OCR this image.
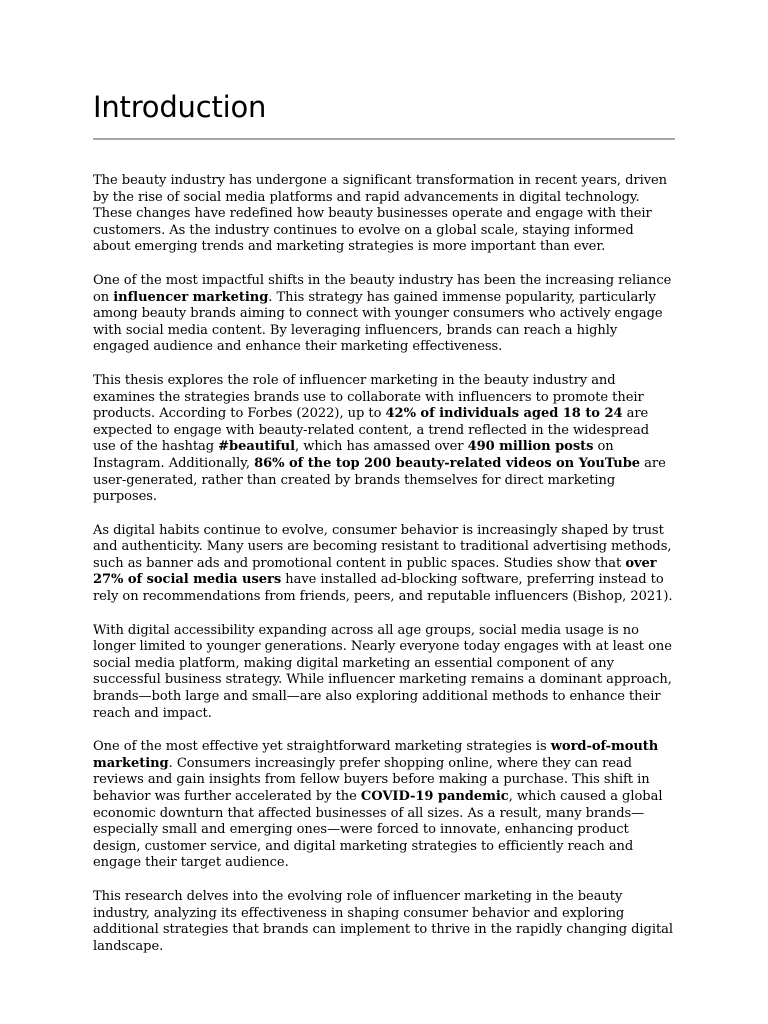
Introduction

The beauty industry has undergone a significant transformation in recent years, driven by the rise of social media platforms and rapid advancements in digital technology. These changes have redefined how beauty businesses operate and engage with their customers. As the industry continues to evolve on a global scale, staying informed about emerging trends and marketing strategies is more important than ever.

One of the most impactful shifts in the beauty industry has been the increasing reliance on influencer marketing. This strategy has gained immense popularity, particularly among beauty brands aiming to connect with younger consumers who actively engage with social media content. By leveraging influencers, brands can reach a highly engaged audience and enhance their marketing effectiveness.

This thesis explores the role of influencer marketing in the beauty industry and examines the strategies brands use to collaborate with influencers to promote their products. According to Forbes (2022), up to 42% of individuals aged 18 to 24 are expected to engage with beauty-related content, a trend reflected in the widespread use of the hashtag #beautiful, which has amassed over 490 million posts on Instagram. Additionally, 86% of the top 200 beauty-related videos on YouTube are user-generated, rather than created by brands themselves for direct marketing purposes.

As digital habits continue to evolve, consumer behavior is increasingly shaped by trust and authenticity. Many users are becoming resistant to traditional advertising methods, such as banner ads and promotional content in public spaces. Studies show that over 27% of social media users have installed ad-blocking software, preferring instead to rely on recommendations from friends, peers, and reputable influencers (Bishop, 2021).

With digital accessibility expanding across all age groups, social media usage is no longer limited to younger generations. Nearly everyone today engages with at least one social media platform, making digital marketing an essential component of any successful business strategy. While influencer marketing remains a dominant approach, brands—both large and small—are also exploring additional methods to enhance their reach and impact.

One of the most effective yet straightforward marketing strategies is word-of-mouth marketing. Consumers increasingly prefer shopping online, where they can read reviews and gain insights from fellow buyers before making a purchase. This shift in behavior was further accelerated by the COVID-19 pandemic, which caused a global economic downturn that affected businesses of all sizes. As a result, many brands—especially small and emerging ones—were forced to innovate, enhancing product design, customer service, and digital marketing strategies to efficiently reach and engage their target audience.

This research delves into the evolving role of influencer marketing in the beauty industry, analyzing its effectiveness in shaping consumer behavior and exploring additional strategies that brands can implement to thrive in the rapidly changing digital landscape.
